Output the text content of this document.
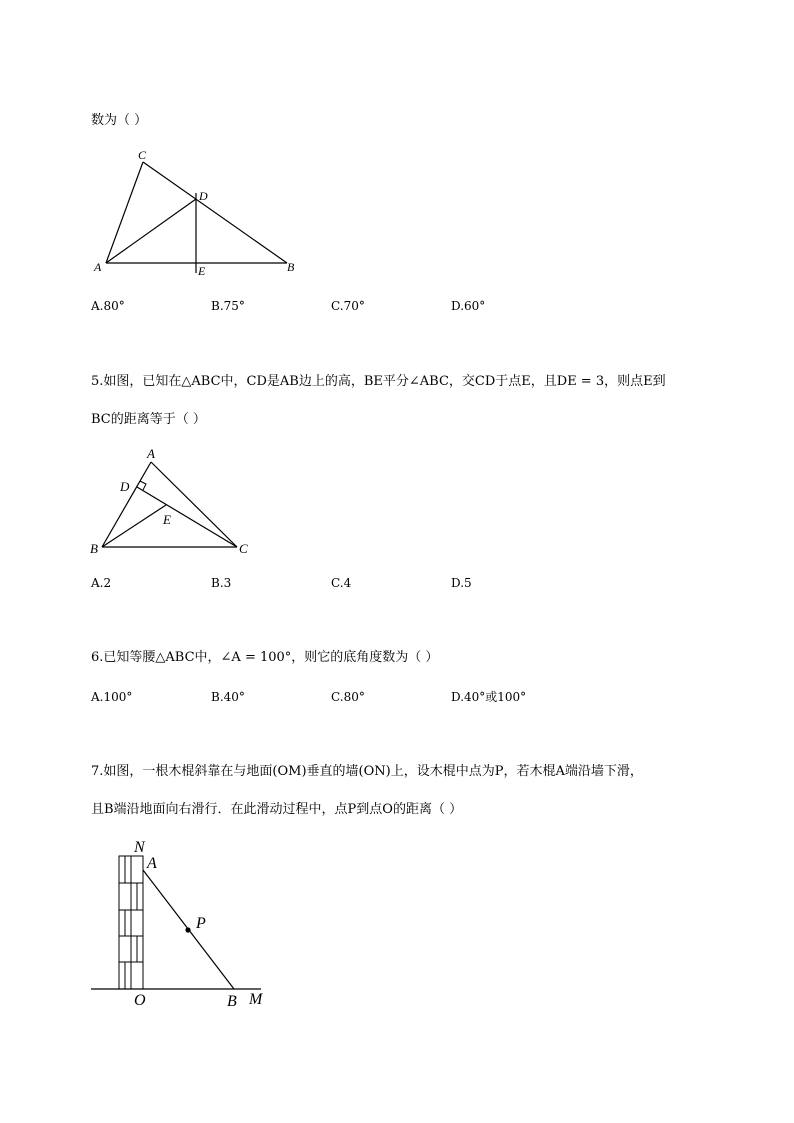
数为（ ）
C
D
A	E	B
A.80°	B.75°	C.70°	D.60°
5.如图，已知在△ABC中，CD是AB边上的高，BE平分∠ABC，交CD于点E，且DE = 3，则点E到
BC的距离等于（ ）
A
D
E
B	C
A.2	B.3	C.4	D.5
6.已知等腰△ABC中，∠A = 100°，则它的底角度数为（ ）
A.100°	B.40°	C.80°	D.40°或100°
7.如图，一根木棍斜靠在与地面(OM)垂直的墙(ON)上，设木棍中点为P，若木棍A端沿墙下滑，
且B端沿地面向右滑行．在此滑动过程中，点P到点O的距离（ ）
N
A
P
O	B M
